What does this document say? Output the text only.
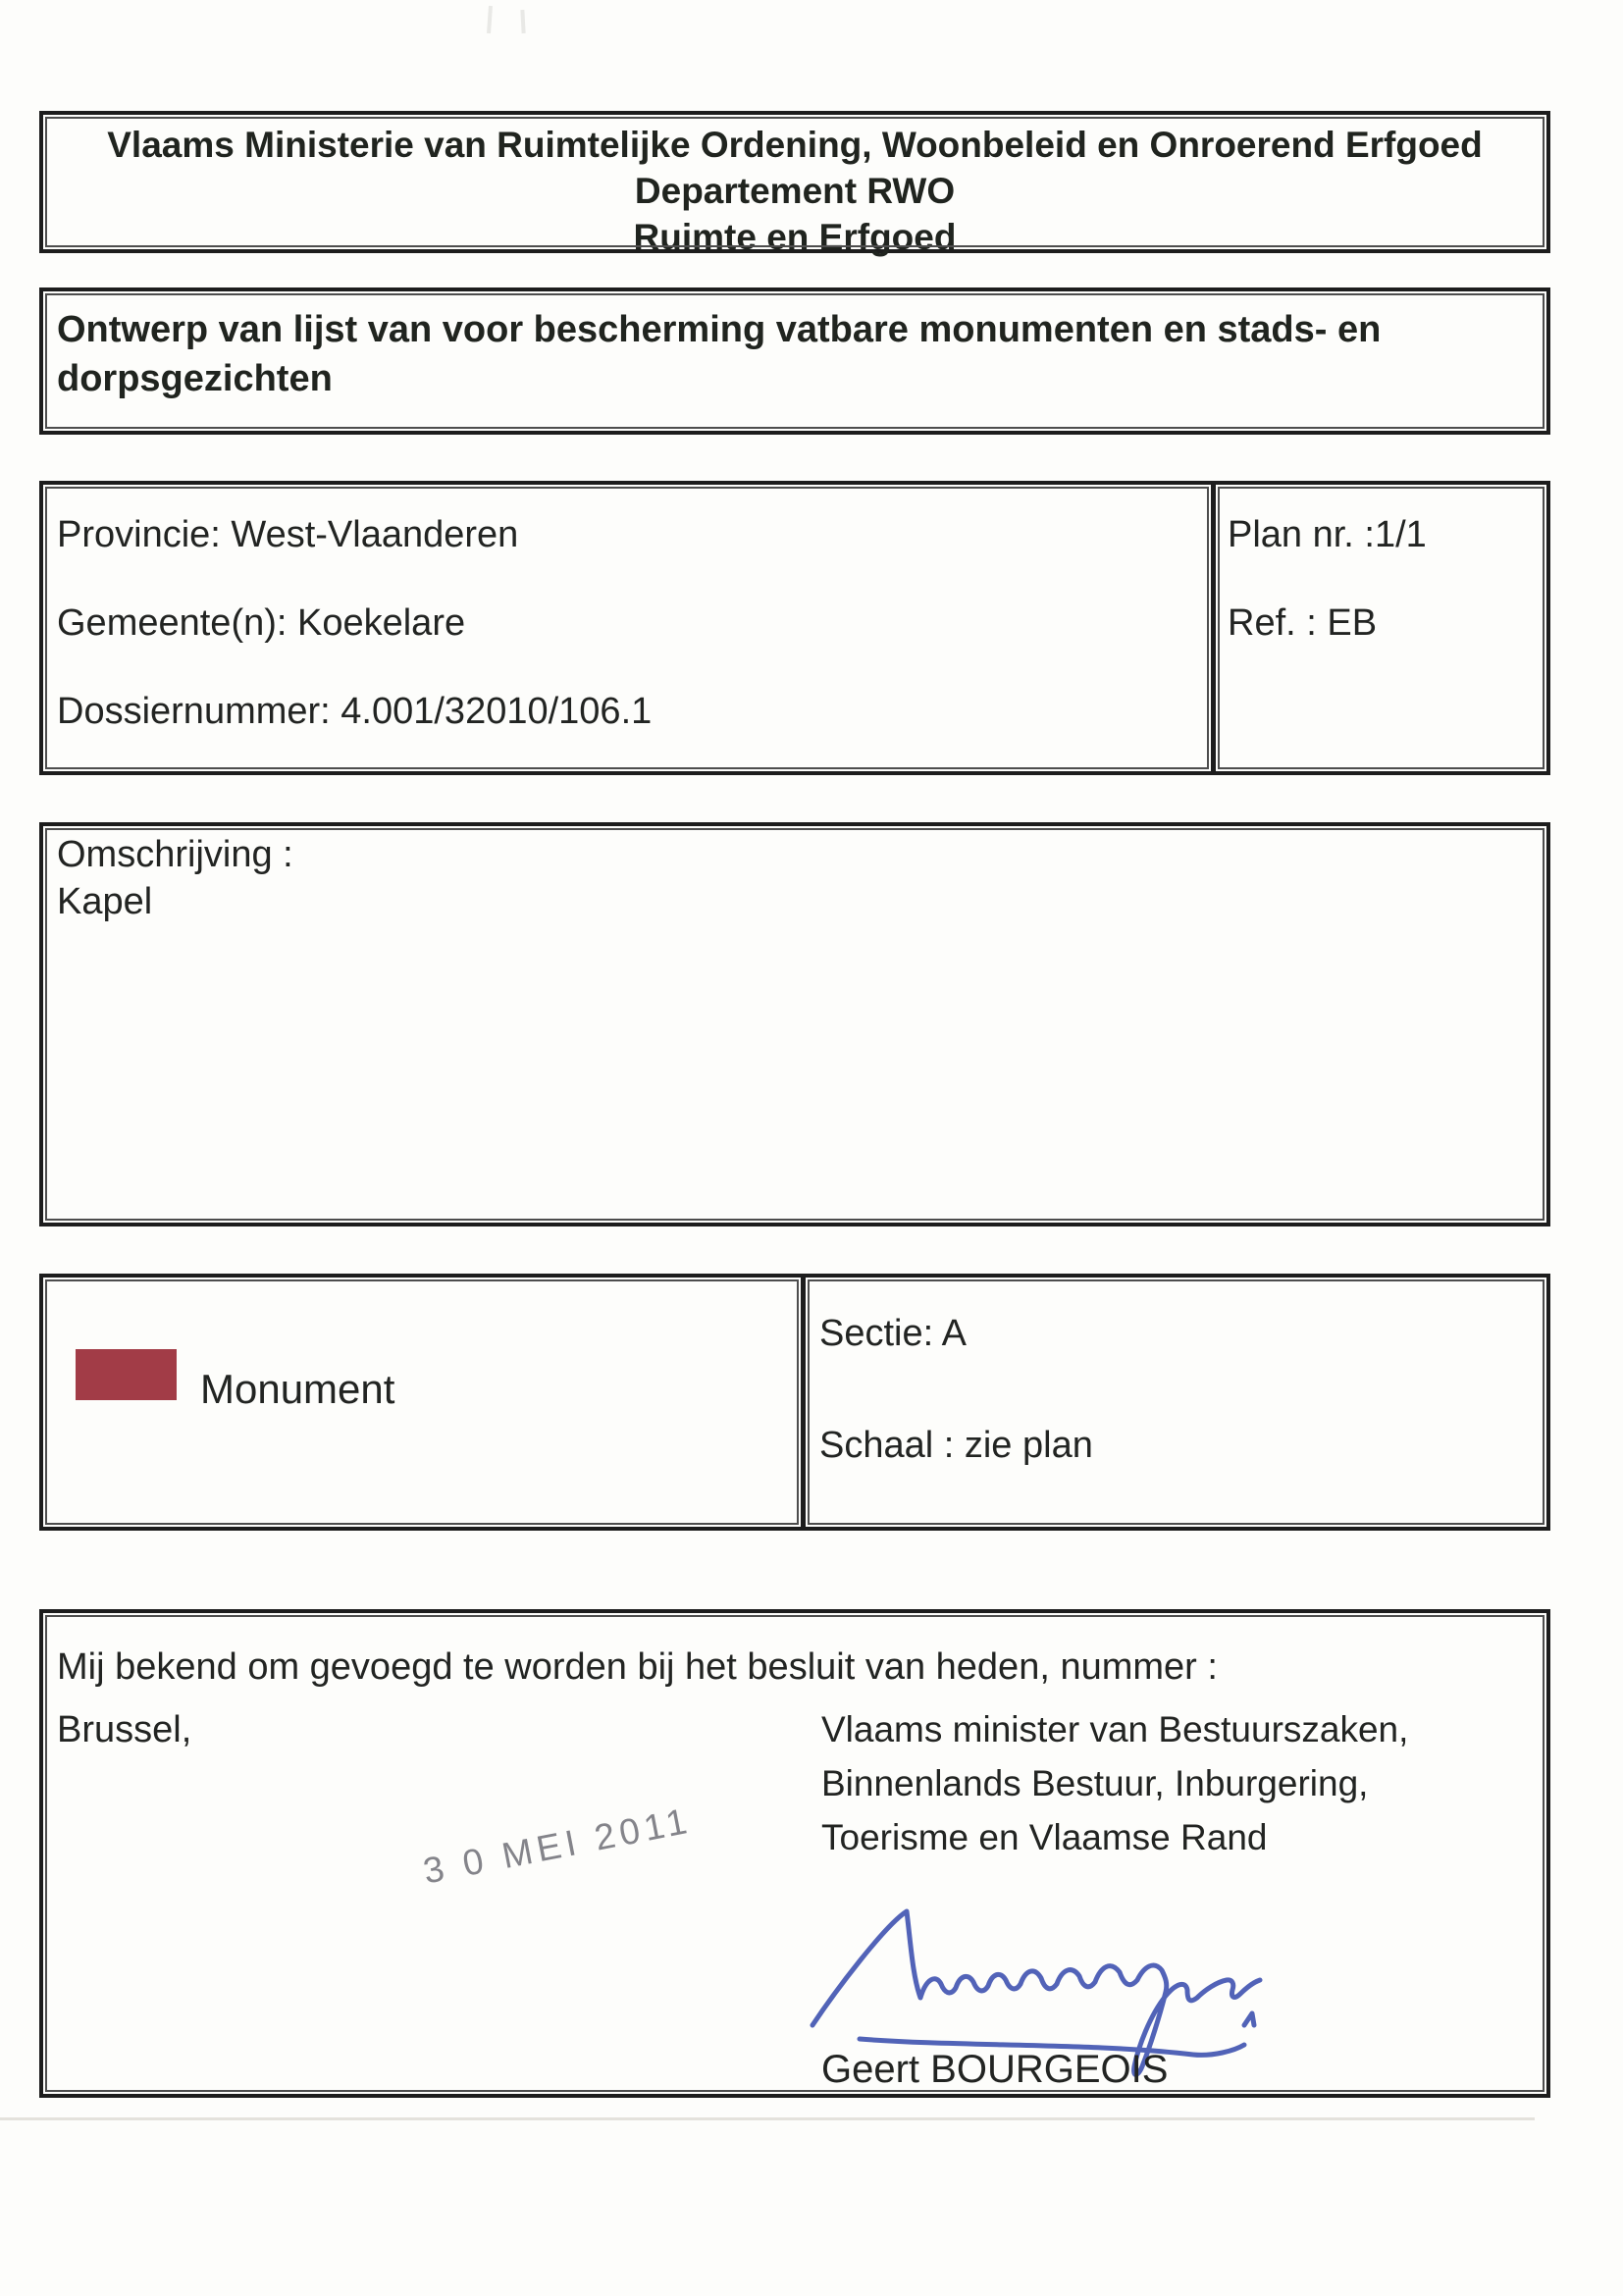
Vlaams Ministerie van Ruimtelijke Ordening, Woonbeleid en Onroerend Erfgoed
Departement RWO
Ruimte en Erfgoed
Ontwerp van lijst van voor bescherming vatbare monumenten en stads- en
dorpsgezichten
Provincie: West-Vlaanderen
Gemeente(n): Koekelare
Dossiernummer: 4.001/32010/106.1
Plan nr. :1/1
Ref. : EB
Omschrijving :
Kapel
Monument
Sectie: A
Schaal : zie plan
Mij bekend om gevoegd te worden bij het besluit van heden, nummer :
Brussel,	Vlaams minister van Bestuurszaken,
Binnenlands Bestuur, Inburgering,
Toerisme en Vlaamse Rand
3 0 MEI 2011
Geert BOURGEOIS
